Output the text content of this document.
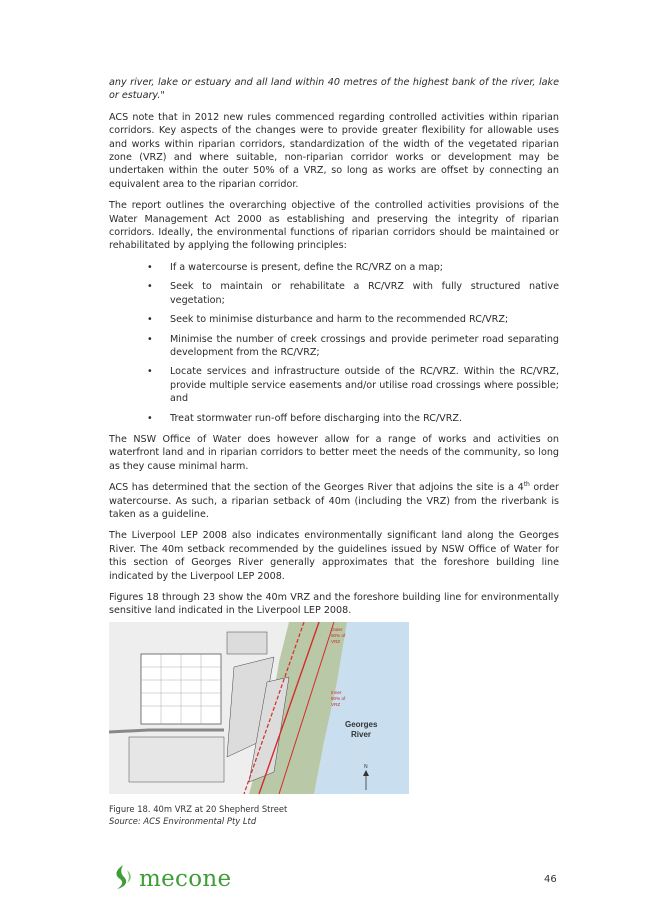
any river, lake or estuary and all land within 40 metres of the highest bank of the river, lake or estuary."

ACS note that in 2012 new rules commenced regarding controlled activities within riparian corridors. Key aspects of the changes were to provide greater flexibility for allowable uses and works within riparian corridors, standardization of the width of the vegetated riparian zone (VRZ) and where suitable, non-riparian corridor works or development may be undertaken within the outer 50% of a VRZ, so long as works are offset by connecting an equivalent area to the riparian corridor.

The report outlines the overarching objective of the controlled activities provisions of the Water Management Act 2000 as establishing and preserving the integrity of riparian corridors. Ideally, the environmental functions of riparian corridors should be maintained or rehabilitated by applying the following principles:

• If a watercourse is present, define the RC/VRZ on a map;
• Seek to maintain or rehabilitate a RC/VRZ with fully structured native vegetation;
• Seek to minimise disturbance and harm to the recommended RC/VRZ;
• Minimise the number of creek crossings and provide perimeter road separating development from the RC/VRZ;
• Locate services and infrastructure outside of the RC/VRZ. Within the RC/VRZ, provide multiple service easements and/or utilise road crossings where possible; and
• Treat stormwater run-off before discharging into the RC/VRZ.

The NSW Office of Water does however allow for a range of works and activities on waterfront land and in riparian corridors to better meet the needs of the community, so long as they cause minimal harm.

ACS has determined that the section of the Georges River that adjoins the site is a 4th order watercourse. As such, a riparian setback of 40m (including the VRZ) from the riverbank is taken as a guideline.

The Liverpool LEP 2008 also indicates environmentally significant land along the Georges River. The 40m setback recommended by the guidelines issued by NSW Office of Water for this section of Georges River generally approximates that the foreshore building line indicated by the Liverpool LEP 2008.

Figures 18 through 23 show the 40m VRZ and the foreshore building line for environmentally sensitive land indicated in the Liverpool LEP 2008.

Outer 50% of VRZ
Inner 50% of VRZ
Georges River
N
Figure 18. 40m VRZ at 20 Shepherd Street
Source: ACS Environmental Pty Ltd
mecone	46
